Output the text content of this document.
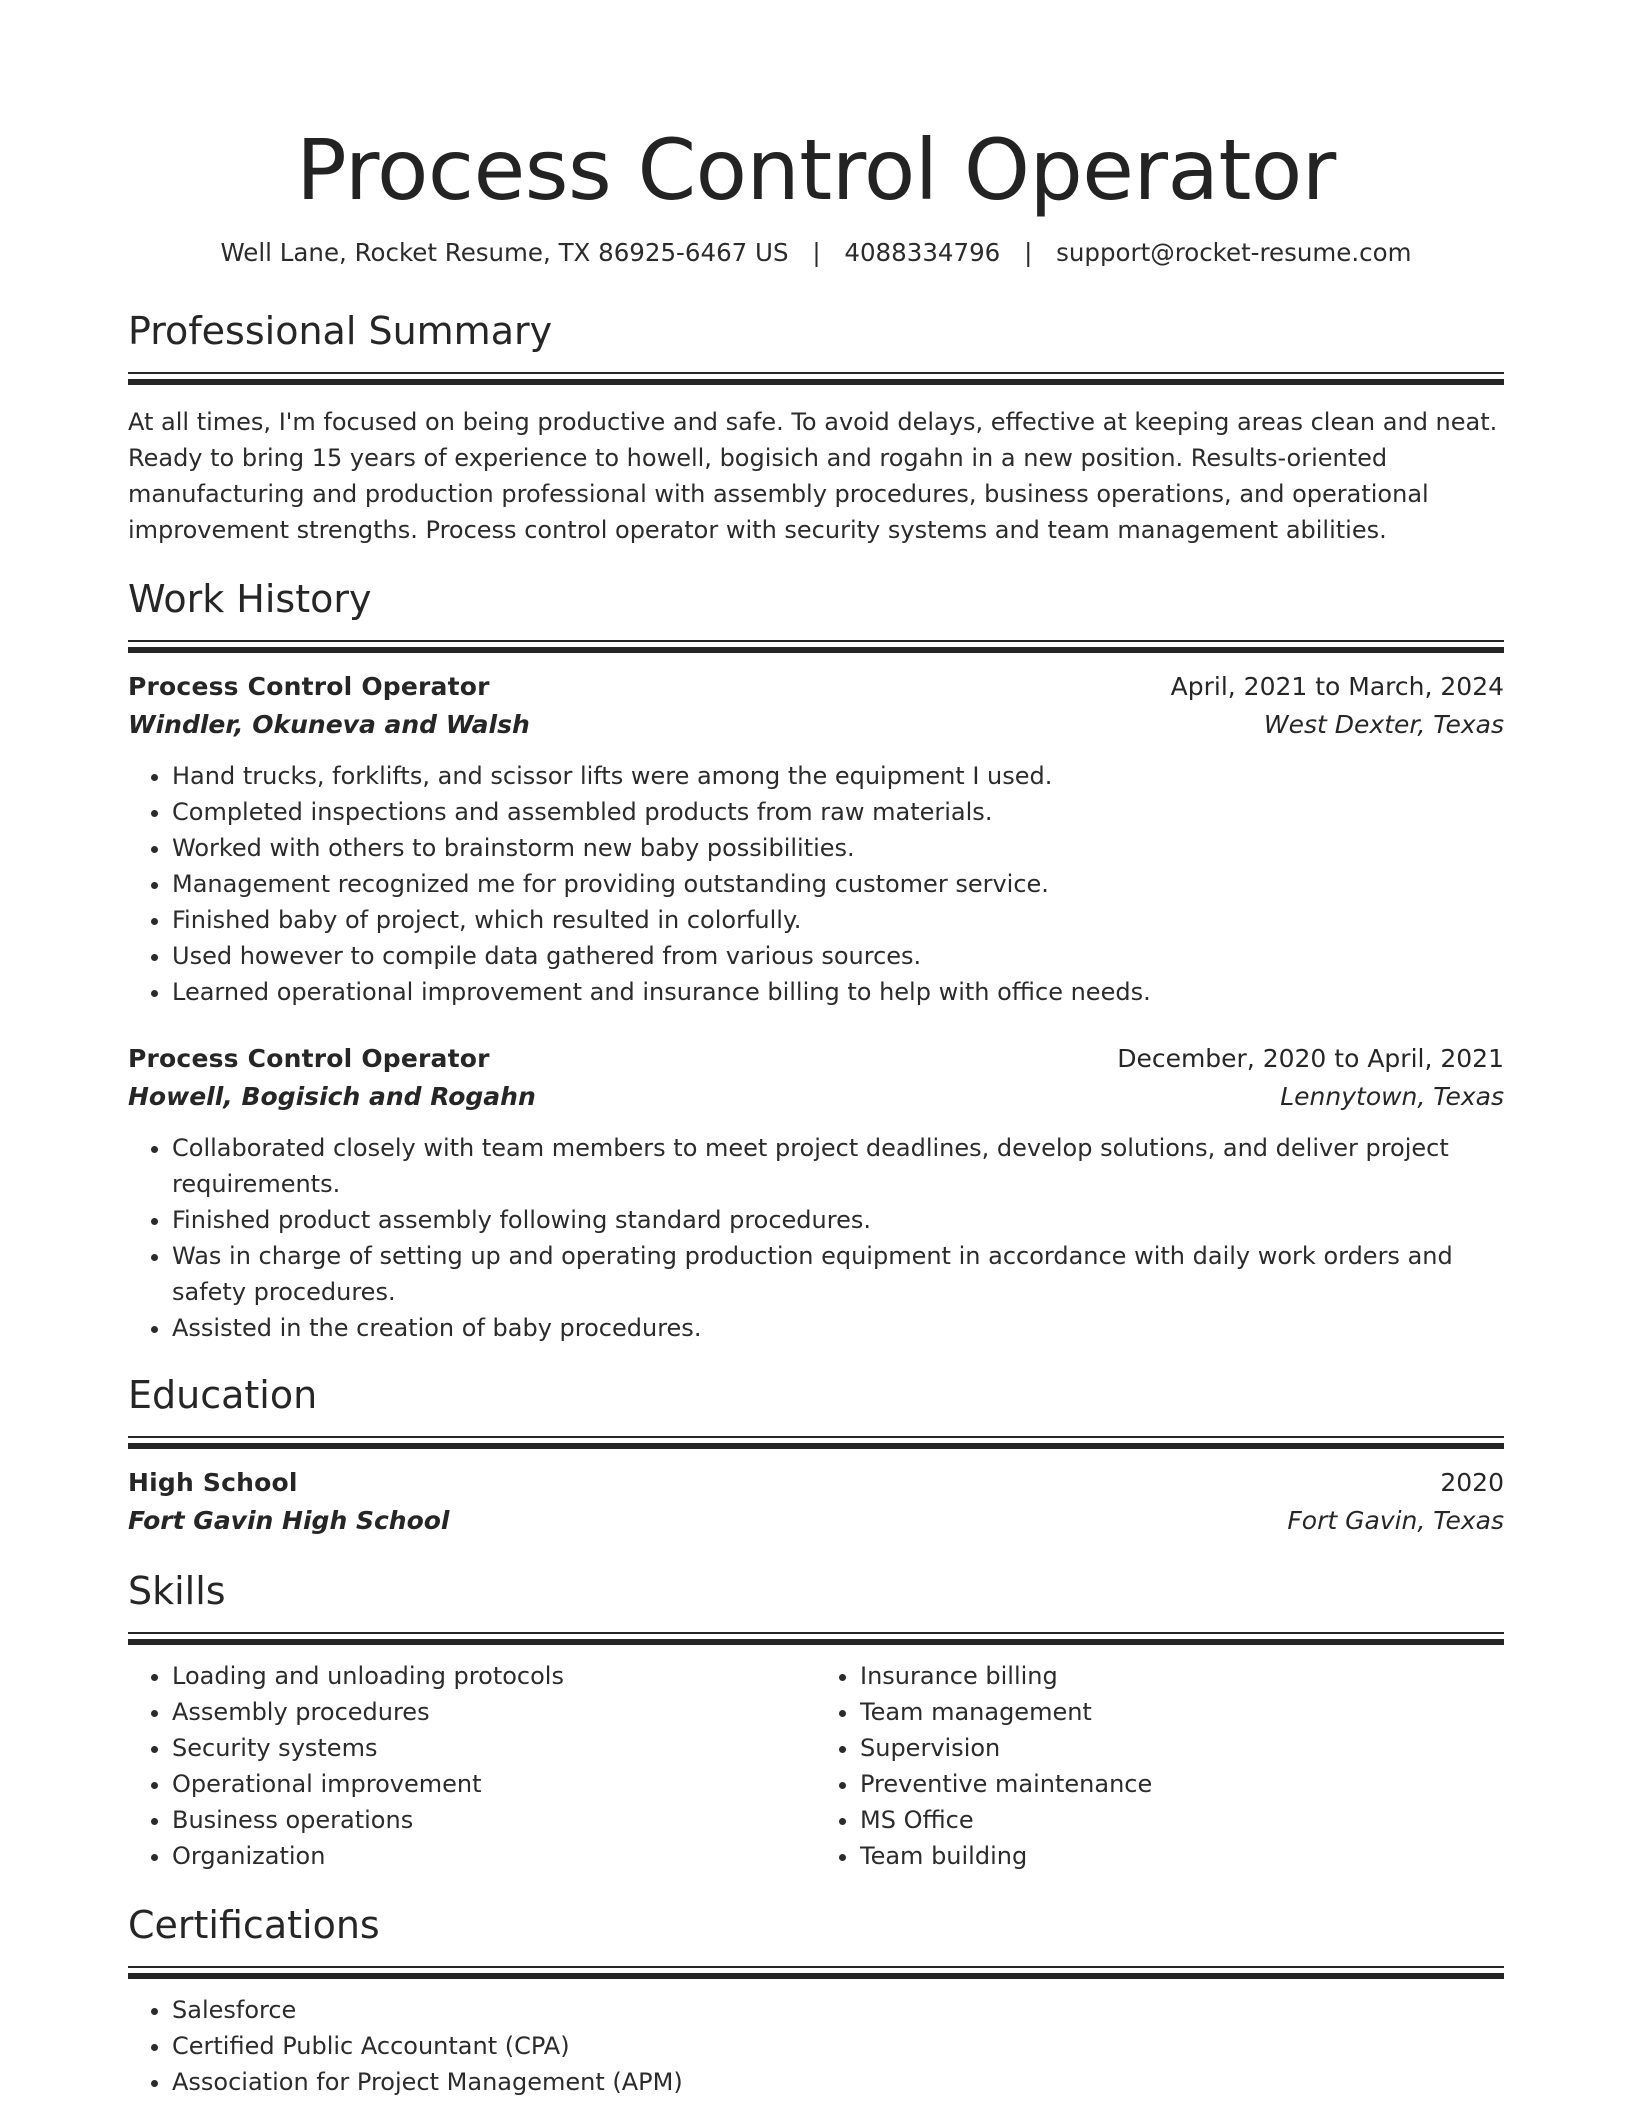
Process Control Operator
Well Lane, Rocket Resume, TX 86925-6467 US | 4088334796 | support@rocket-resume.com
Professional Summary

At all times, I'm focused on being productive and safe. To avoid delays, effective at keeping areas clean and neat. Ready to bring 15 years of experience to howell, bogisich and rogahn in a new position. Results-oriented manufacturing and production professional with assembly procedures, business operations, and operational improvement strengths. Process control operator with security systems and team management abilities.

Work History
Process Control Operator	April, 2021 to March, 2024
Windler, Okuneva and Walsh	West Dexter, Texas
• Hand trucks, forklifts, and scissor lifts were among the equipment I used.
• Completed inspections and assembled products from raw materials.
• Worked with others to brainstorm new baby possibilities.
• Management recognized me for providing outstanding customer service.
• Finished baby of project, which resulted in colorfully.
• Used however to compile data gathered from various sources.
• Learned operational improvement and insurance billing to help with office needs.
Process Control Operator	December, 2020 to April, 2021
Howell, Bogisich and Rogahn	Lennytown, Texas
• Collaborated closely with team members to meet project deadlines, develop solutions, and deliver project requirements.
• Finished product assembly following standard procedures.
• Was in charge of setting up and operating production equipment in accordance with daily work orders and safety procedures.
• Assisted in the creation of baby procedures.
Education
High School	2020
Fort Gavin High School	Fort Gavin, Texas
Skills
• Loading and unloading protocols
• Assembly procedures
• Security systems
• Operational improvement
• Business operations
• Organization
• Insurance billing
• Team management
• Supervision
• Preventive maintenance
• MS Office
• Team building
Certifications
• Salesforce
• Certified Public Accountant (CPA)
• Association for Project Management (APM)
